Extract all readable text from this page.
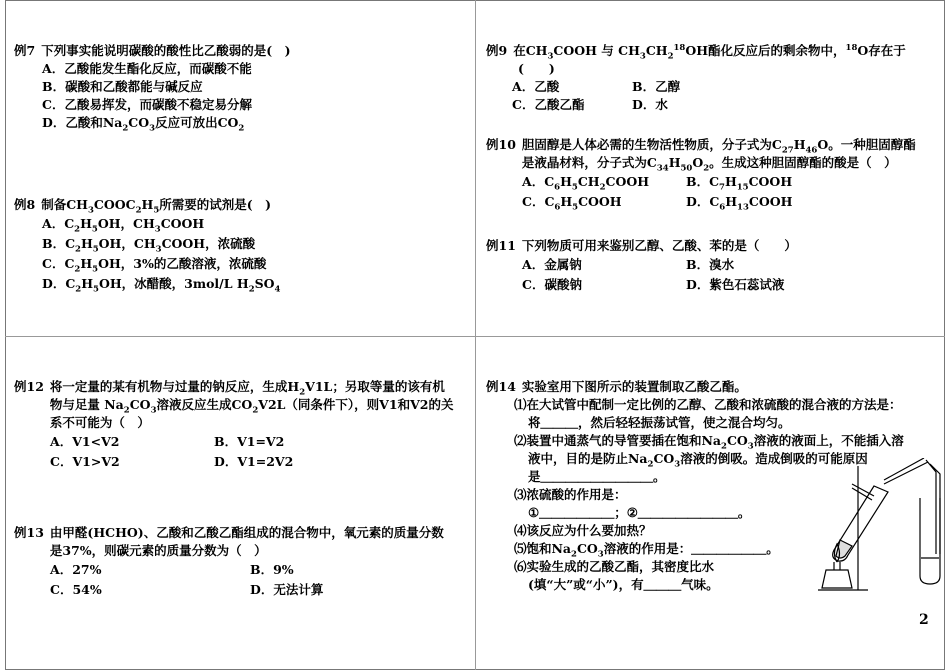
例7 下列事实能说明碳酸的酸性比乙酸弱的是(　)
A．乙酸能发生酯化反应，而碳酸不能
B．碳酸和乙酸都能与碱反应
C．乙酸易挥发，而碳酸不稳定易分解
D．乙酸和$Na_2CO_3$反应可放出$CO_2$
例8 制备$CH_3COOC_2H_5$所需要的试剂是(　)
A．$C_2H_5OH$，$CH_3COOH$
B．$C_2H_5OH$，$CH_3COOH$，浓硫酸
C．$C_2H_5OH$，3%的乙酸溶液，浓硫酸
D．$C_2H_5OH$，冰醋酸，3mol/L $H_2SO_4$
例9 在$CH_3COOH$ 与 $CH_3CH_2^{18}OH$酯化反应后的剩余物中，$^{18}$O存在于
(　　)
A．乙酸	B．乙醇
C．乙酸乙酯	D．水
例10 胆固醇是人体必需的生物活性物质，分子式为$C_{27}H_{46}O$。一种胆固醇酯
是液晶材料，分子式为$C_{34}H_{50}O_2$。生成这种胆固醇酯的酸是（　）
A．$C_6H_5CH_2COOH$	B．$C_7H_{15}COOH$
C．$C_6H_5COOH$	D．$C_6H_{13}COOH$
例11 下列物质可用来鉴别乙醇、乙酸、苯的是（　　）
A．金属钠	B．溴水
C．碳酸钠	D．紫色石蕊试液
例12 将一定量的某有机物与过量的钠反应，生成$H_2V1L$；另取等量的该有机
物与足量 $Na_2CO_3$溶液反应生成$CO_2V2L$（同条件下），则V1和V2的关
系不可能为（　）
A．V1<V2	B．V1=V2
C．V1>V2	D．V1=2V2
例13 由甲醛(HCHO)、乙酸和乙酸乙酯组成的混合物中，氧元素的质量分数
是37%，则碳元素的质量分数为（　）
A．27%	B．9%
C．54%	D．无法计算
例14 实验室用下图所示的装置制取乙酸乙酯。
⑴在大试管中配制一定比例的乙醇、乙酸和浓硫酸的混合液的方法是：
将＿＿＿，然后轻轻振荡试管，使之混合均匀。
⑵装置中通蒸气的导管要插在饱和$Na_2CO_3$溶液的液面上，不能插入溶
液中，目的是防止$Na_2CO_3$溶液的倒吸。造成倒吸的可能原因
是＿＿＿＿＿＿＿＿＿。
⑶浓硫酸的作用是：
①＿＿＿＿＿＿；②＿＿＿＿＿＿＿＿。
⑷该反应为什么要加热？
⑸饱和$Na_2CO_3$溶液的作用是：＿＿＿＿＿＿。
⑹实验生成的乙酸乙酯，其密度比水
(填“大”或“小”)，有＿＿＿气味。
2
